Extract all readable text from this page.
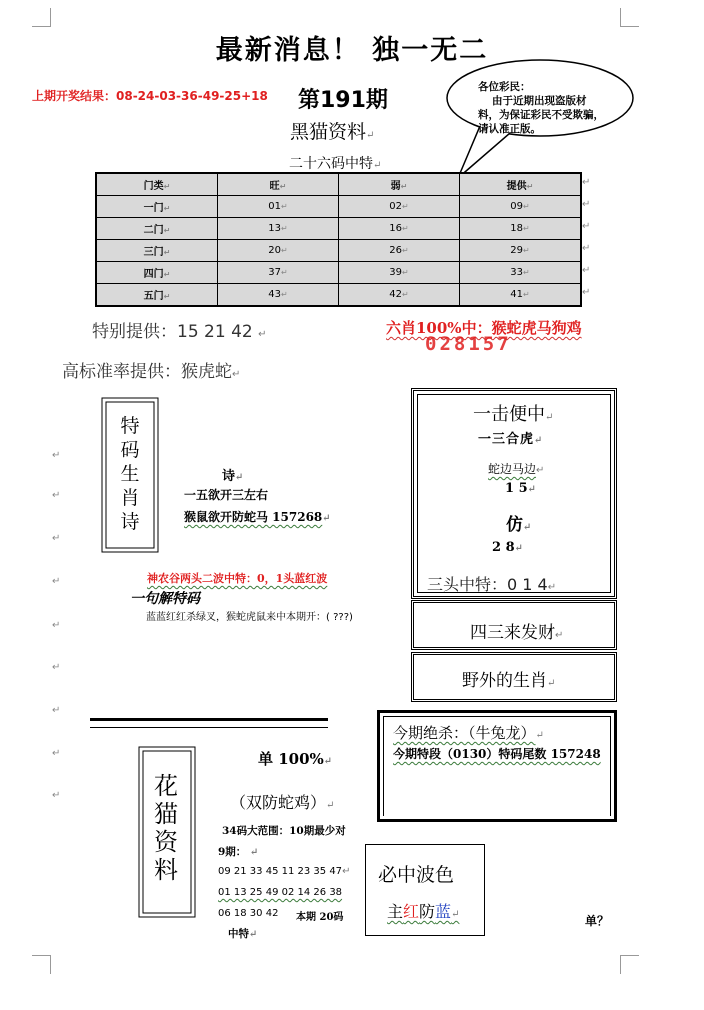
最新消息！ 独一无二
上期开奖结果：08-24-03-36-49-25+18 第191期
黑猫资料↵
二十六码中特↵
各位彩民：
由于近期出现盗版材料，为保证彩民不受欺骗，请认准正版。
门类↵	旺↵	弱↵	提供↵
一门↵	01↵	02↵	09↵
二门↵	13↵	16↵	18↵
三门↵	20↵	26↵	29↵
四门↵	37↵	39↵	33↵
五门↵	43↵	42↵	41↵
↵
↵
↵
↵
↵
↵
特别提供：15 21 42 ↵	六肖100%中：猴蛇虎马狗鸡
028157
高标准率提供：猴虎蛇↵
特码生肖诗
↵
↵
↵
↵
↵
↵
↵
↵
↵
诗↵
一五欲开三左右
猴鼠欲开防蛇马 157268↵
神农谷两头二波中特：0，1头蓝红波
一句解特码
蓝蓝红红杀绿叉，猴蛇虎鼠来中本期开：( ???)
一击便中↵
一三合虎↵
蛇边马边↵
1 5↵
仿↵
2 8↵
三头中特：0 1 4↵
四三来发财↵
野外的生肖↵
今期绝杀：（牛兔龙）↵
今期特段（0130）特码尾数 157248
花猫资料
单 100%↵
（双防蛇鸡）↵
34码大范围：10期最少对
9期： ↵
09 21 33 45 11 23 35 47↵
01 13 25 49 02 14 26 38
06 18 30 42 本期 20码
中特↵
必中波色
主红防蓝↵	单？
